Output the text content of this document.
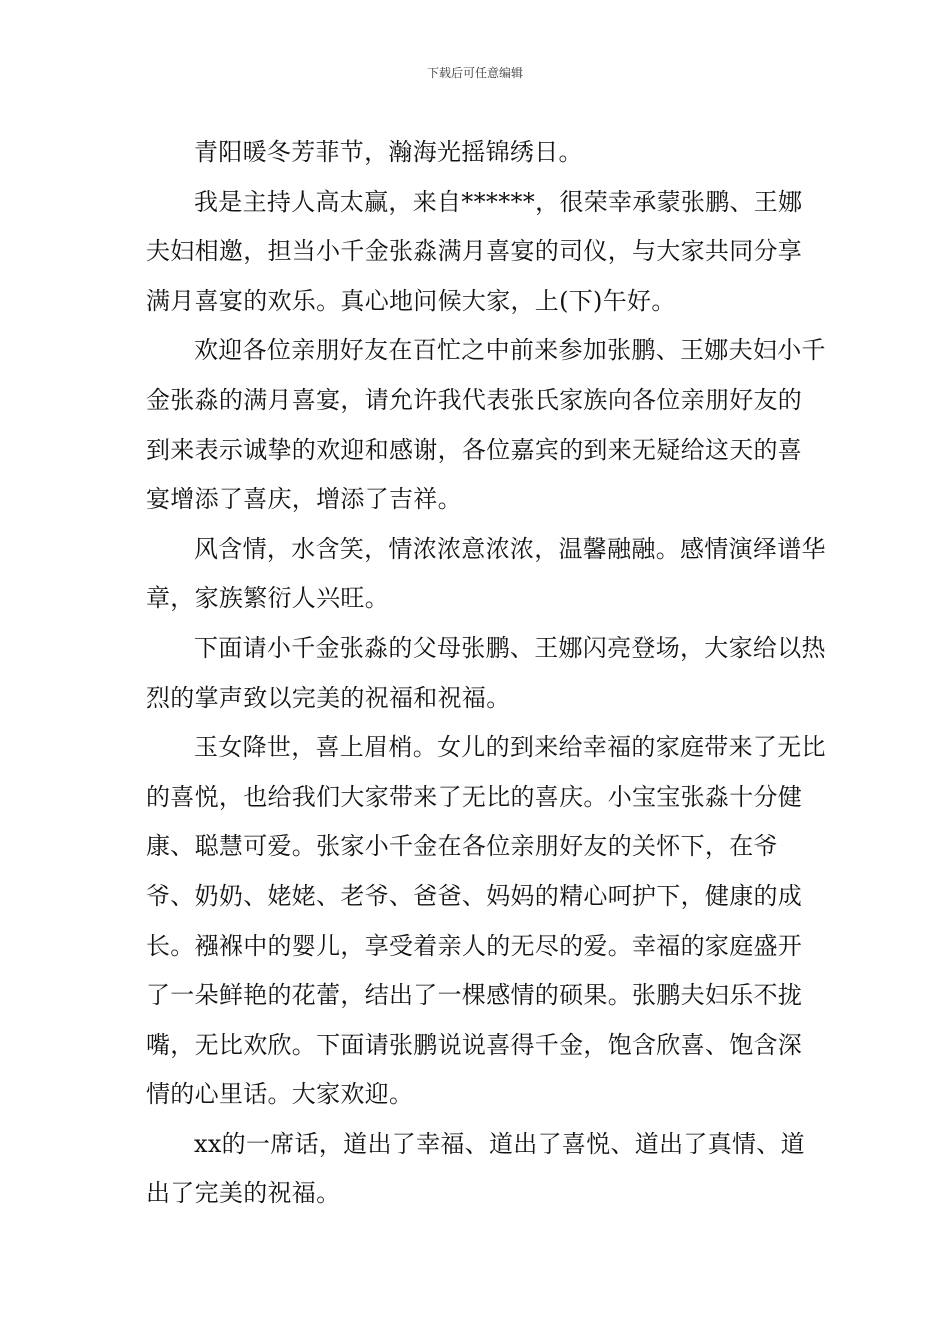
下载后可任意编辑

青阳暖冬芳菲节，瀚海光摇锦绣日。

我是主持人高太赢，来自******，很荣幸承蒙张鹏、王娜夫妇相邀，担当小千金张淼满月喜宴的司仪，与大家共同分享满月喜宴的欢乐。真心地问候大家，上(下)午好。

欢迎各位亲朋好友在百忙之中前来参加张鹏、王娜夫妇小千金张淼的满月喜宴，请允许我代表张氏家族向各位亲朋好友的到来表示诚挚的欢迎和感谢，各位嘉宾的到来无疑给这天的喜宴增添了喜庆，增添了吉祥。

风含情，水含笑，情浓浓意浓浓，温馨融融。感情演绎谱华章，家族繁衍人兴旺。

下面请小千金张淼的父母张鹏、王娜闪亮登场，大家给以热烈的掌声致以完美的祝福和祝福。

玉女降世，喜上眉梢。女儿的到来给幸福的家庭带来了无比的喜悦，也给我们大家带来了无比的喜庆。小宝宝张淼十分健康、聪慧可爱。张家小千金在各位亲朋好友的关怀下，在爷爷、奶奶、姥姥、老爷、爸爸、妈妈的精心呵护下，健康的成长。襁褓中的婴儿，享受着亲人的无尽的爱。幸福的家庭盛开了一朵鲜艳的花蕾，结出了一棵感情的硕果。张鹏夫妇乐不拢嘴，无比欢欣。下面请张鹏说说喜得千金，饱含欣喜、饱含深情的心里话。大家欢迎。

xx的一席话，道出了幸福、道出了喜悦、道出了真情、道出了完美的祝福。
